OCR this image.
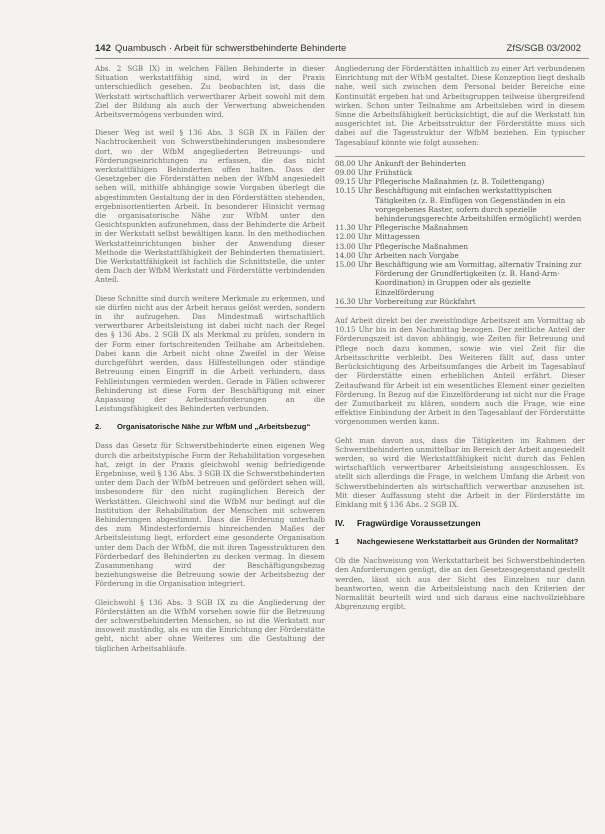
142 Quambusch · Arbeit für schwerstbehinderte Behinderte	ZfS/SGB 03/2002

Abs. 2 SGB IX) in welchen Fällen Behinderte in dieser Situation werkstattfähig sind, wird in der Praxis unterschiedlich gesehen. Zu beobachten ist, dass die Werkstatt wirtschaftlich verwertbarer Arbeit sowohl mit dem Ziel der Bildung als auch der Verwertung abweichenden Arbeitsvermögens verbunden wird.

Dieser Weg ist weil § 136 Abs. 3 SGB IX in Fällen der Nachtrockenheit von Schwerstbehinderungen insbesondere dort, wo der WfbM angegliederten Betreuungs- und Förderungseinrichtungen zu erfassen, die das nicht werkstattfähigen Behinderten offen halten. Dass der Gesetzgeber die Förderstätten neben der WfbM angesiedelt sehen will, mithilfe abhängige sowie Vorgaben überlegt die abgestimmten Gestaltung der in den Förderstätten stehenden, ergebnisorientierten Arbeit. In besonderer Hinsicht vermag die organisatorische Nähe zur WfbM unter den Gesichtspunkten aufzunehmen, dass der Behinderte die Arbeit in der Werkstatt selbst bewältigen kann. In den methodischen Werkstatteinrichtungen bisher der Anwendung dieser Methode die Werkstattfähigkeit der Behinderten thematisiert. Die Werkstattfähigkeit ist fachlich die Schnittstelle, die unter dem Dach der WfbM Werkstatt und Förderstätte verbindenden Anteil.

Diese Schnitte sind durch weitere Merkmale zu erkennen, und sie dürfen nicht aus der Arbeit heraus gelöst werden, sondern in ihr aufzugehen. Das Mindestmaß wirtschaftlich verwertbarer Arbeitsleistung ist dabei nicht nach der Regel des § 136 Abs. 2 SGB IX als Merkmal zu prüfen, sondern in der Form einer fortschreitenden Teilhabe am Arbeitsleben. Dabei kann die Arbeit nicht ohne Zweifel in der Weise durchgeführt werden, dass Hilfestellungen oder ständige Betreuung einen Eingriff in die Arbeit verhindern, dass Fehlleistungen vermieden werden. Gerade in Fällen schwerer Behinderung ist diese Form der Beschäftigung mit einer Anpassung der Arbeitsanforderungen an die Leistungsfähigkeit des Behinderten verbunden.

2.	Organisatorische Nähe zur WfbM und „Arbeitsbezug“

Dass das Gesetz für Schwerstbehinderte einen eigenen Weg durch die arbeitstypische Form der Rehabilitation vorgesehen hat, zeigt in der Praxis gleichwohl wenig befriedigende Ergebnisse, weil § 136 Abs. 3 SGB IX die Schwerstbehinderten unter dem Dach der WfbM betreuen und gefördert sehen will, insbesondere für den nicht zugänglichen Bereich der Werkstätten. Gleichwohl sind die WfbM nur bedingt auf die Institution der Rehabilitation der Menschen mit schweren Behinderungen abgestimmt. Dass die Förderung unterhalb des zum Mindesterfordernis hinreichenden Maßes der Arbeitsleistung liegt, erfordert eine gesonderte Organisation unter dem Dach der WfbM, die mit ihren Tagesstrukturen den Förderbedarf des Behinderten zu decken vermag. In diesem Zusammenhang wird der Beschäftigungsbezug beziehungsweise die Betreuung sowie der Arbeitsbezug der Förderung in die Organisation integriert.

Gleichwohl § 136 Abs. 3 SGB IX zu die Angliederung der Förderstätten an die WfbM vorsehen sowie für die Betreuung der schwerstbehinderten Menschen, so ist die Werkstatt nur insoweit zuständig, als es um die Einrichtung der Förderstätte geht, nicht aber ohne Weiteres um die Gestaltung der täglichen Arbeitsabläufe.

Angliederung der Förderstätten inhaltlich zu einer Art verbundenen Einrichtung mit der WfbM gestaltet. Diese Konzeption liegt deshalb nahe, weil sich zwischen dem Personal beider Bereiche eine Kontinuität ergeben hat und Arbeitsgruppen teilweise übergreifend wirken. Schon unter Teilnahme am Arbeitsleben wird in diesem Sinne die Arbeitsfähigkeit berücksichtigt, die auf die Werkstatt hin ausgerichtet ist. Die Arbeitsstruktur der Förderstätte muss sich dabei auf die Tagesstruktur der WfbM beziehen. Ein typischer Tagesablauf könnte wie folgt aussehen:

08.00 Uhr Ankunft der Behinderten
09.00 Uhr Frühstück
09.15 Uhr Pflegerische Maßnahmen (z. B. Toilettengang)
10.15 Uhr Beschäftigung mit einfachen werkstatttypischen Tätigkeiten (z. B. Einfügen von Gegenständen in ein vorgegebenes Raster, sofern durch spezielle behinderungsgerechte Arbeitshilfen ermöglicht) werden
11.30 Uhr Pflegerische Maßnahmen
12.00 Uhr Mittagessen
13.00 Uhr Pflegerische Maßnahmen
14.00 Uhr Arbeiten nach Vorgabe
15.00 Uhr Beschäftigung wie am Vormittag, alternativ Training zur Förderung der Grundfertigkeiten (z. B. Hand-Arm-Koordination) in Gruppen oder als gezielte Einzelförderung
16.30 Uhr Vorbereitung zur Rückfahrt

Auf Arbeit direkt bei der zweistündige Arbeitszeit am Vormittag ab 10.15 Uhr bis in den Nachmittag bezogen. Der zeitliche Anteil der Förderungszeit ist davon abhängig, wie Zeiten für Betreuung und Pflege noch dazu kommen, sowie wie viel Zeit für die Arbeitsschritte verbleibt. Des Weiteren fällt auf, dass unter Berücksichtigung des Arbeitsumfanges die Arbeit im Tagesablauf der Förderstätte einen erheblichen Anteil erfährt. Dieser Zeitaufwand für Arbeit ist ein wesentliches Element einer gezielten Förderung. In Bezug auf die Einzelförderung ist nicht nur die Frage der Zumutbarkeit zu klären, sondern auch die Frage, wie eine effektive Einbindung der Arbeit in den Tagesablauf der Förderstätte vorgenommen werden kann.

Geht man davon aus, dass die Tätigkeiten im Rahmen der Schwerstbehinderten unmittelbar im Bereich der Arbeit angesiedelt werden, so wird die Werkstattfähigkeit nicht durch das Fehlen wirtschaftlich verwertbarer Arbeitsleistung ausgeschlossen. Es stellt sich allerdings die Frage, in welchem Umfang die Arbeit von Schwerstbehinderten als wirtschaftlich verwertbar anzusehen ist. Mit dieser Auffassung steht die Arbeit in der Förderstätte im Einklang mit § 136 Abs. 2 SGB IX.

IV.	Fragwürdige Voraussetzungen
1	Nachgewiesene Werkstattarbeit aus Gründen der Normalität?

Ob die Nachweisung von Werkstattarbeit bei Schwerstbehinderten den Anforderungen genügt, die an den Gesetzesgegenstand gestellt werden, lässt sich aus der Sicht des Einzelnen nur dann beantworten, wenn die Arbeitsleistung nach den Kriterien der Normalität beurteilt wird und sich daraus eine nachvollziehbare Abgrenzung ergibt.
